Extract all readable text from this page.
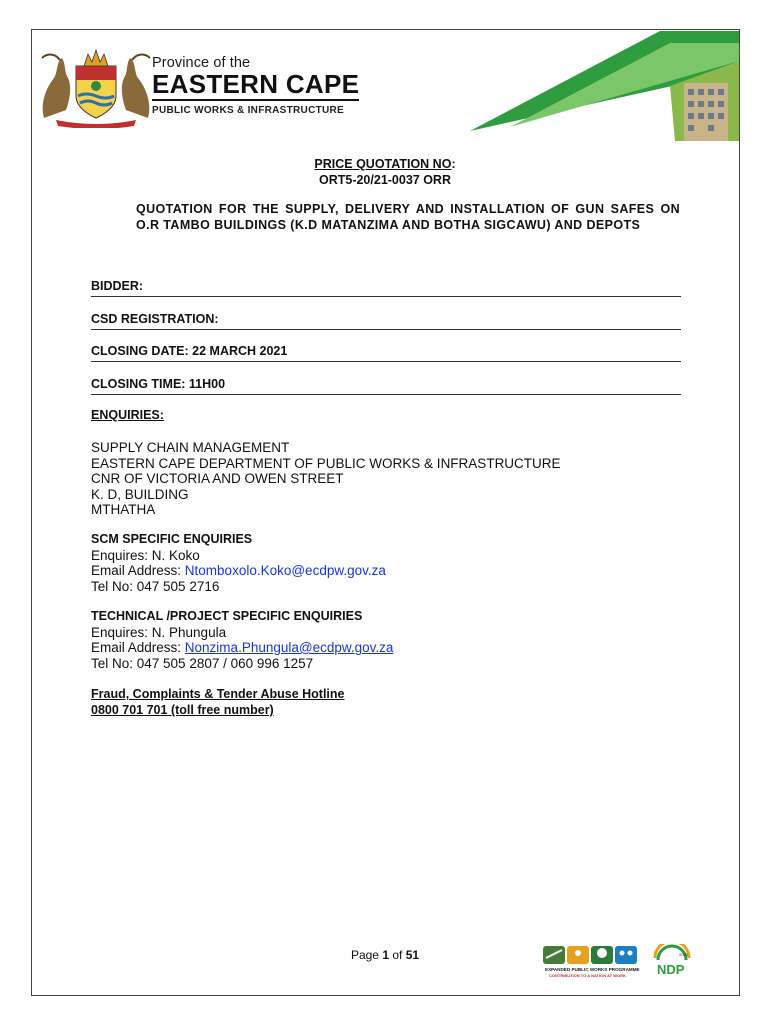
Province of the
EASTERN CAPE
PUBLIC WORKS & INFRASTRUCTURE
PRICE QUOTATION NO:
ORT5-20/21-0037 ORR
QUOTATION FOR THE SUPPLY, DELIVERY AND INSTALLATION OF GUN SAFES ON O.R TAMBO BUILDINGS (K.D MATANZIMA AND BOTHA SIGCAWU) AND DEPOTS
BIDDER:
CSD REGISTRATION:
CLOSING DATE: 22 MARCH 2021
CLOSING TIME: 11H00
ENQUIRIES:
SUPPLY CHAIN MANAGEMENT
EASTERN CAPE DEPARTMENT OF PUBLIC WORKS & INFRASTRUCTURE
CNR OF VICTORIA AND OWEN STREET
K. D, BUILDING
MTHATHA
SCM SPECIFIC ENQUIRIES
Enquires: N. Koko
Email Address: Ntomboxolo.Koko@ecdpw.gov.za
Tel No: 047 505 2716
TECHNICAL /PROJECT SPECIFIC ENQUIRIES
Enquires: N. Phungula
Email Address: Nonzima.Phungula@ecdpw.gov.za
Tel No: 047 505 2807 / 060 996 1257
Fraud, Complaints & Tender Abuse Hotline
0800 701 701 (toll free number)
Page 1 of 51
EXPANDED PUBLIC WORKS PROGRAMME
CONTRIBUTION TO A NATION AT WORK
2030
NDP
